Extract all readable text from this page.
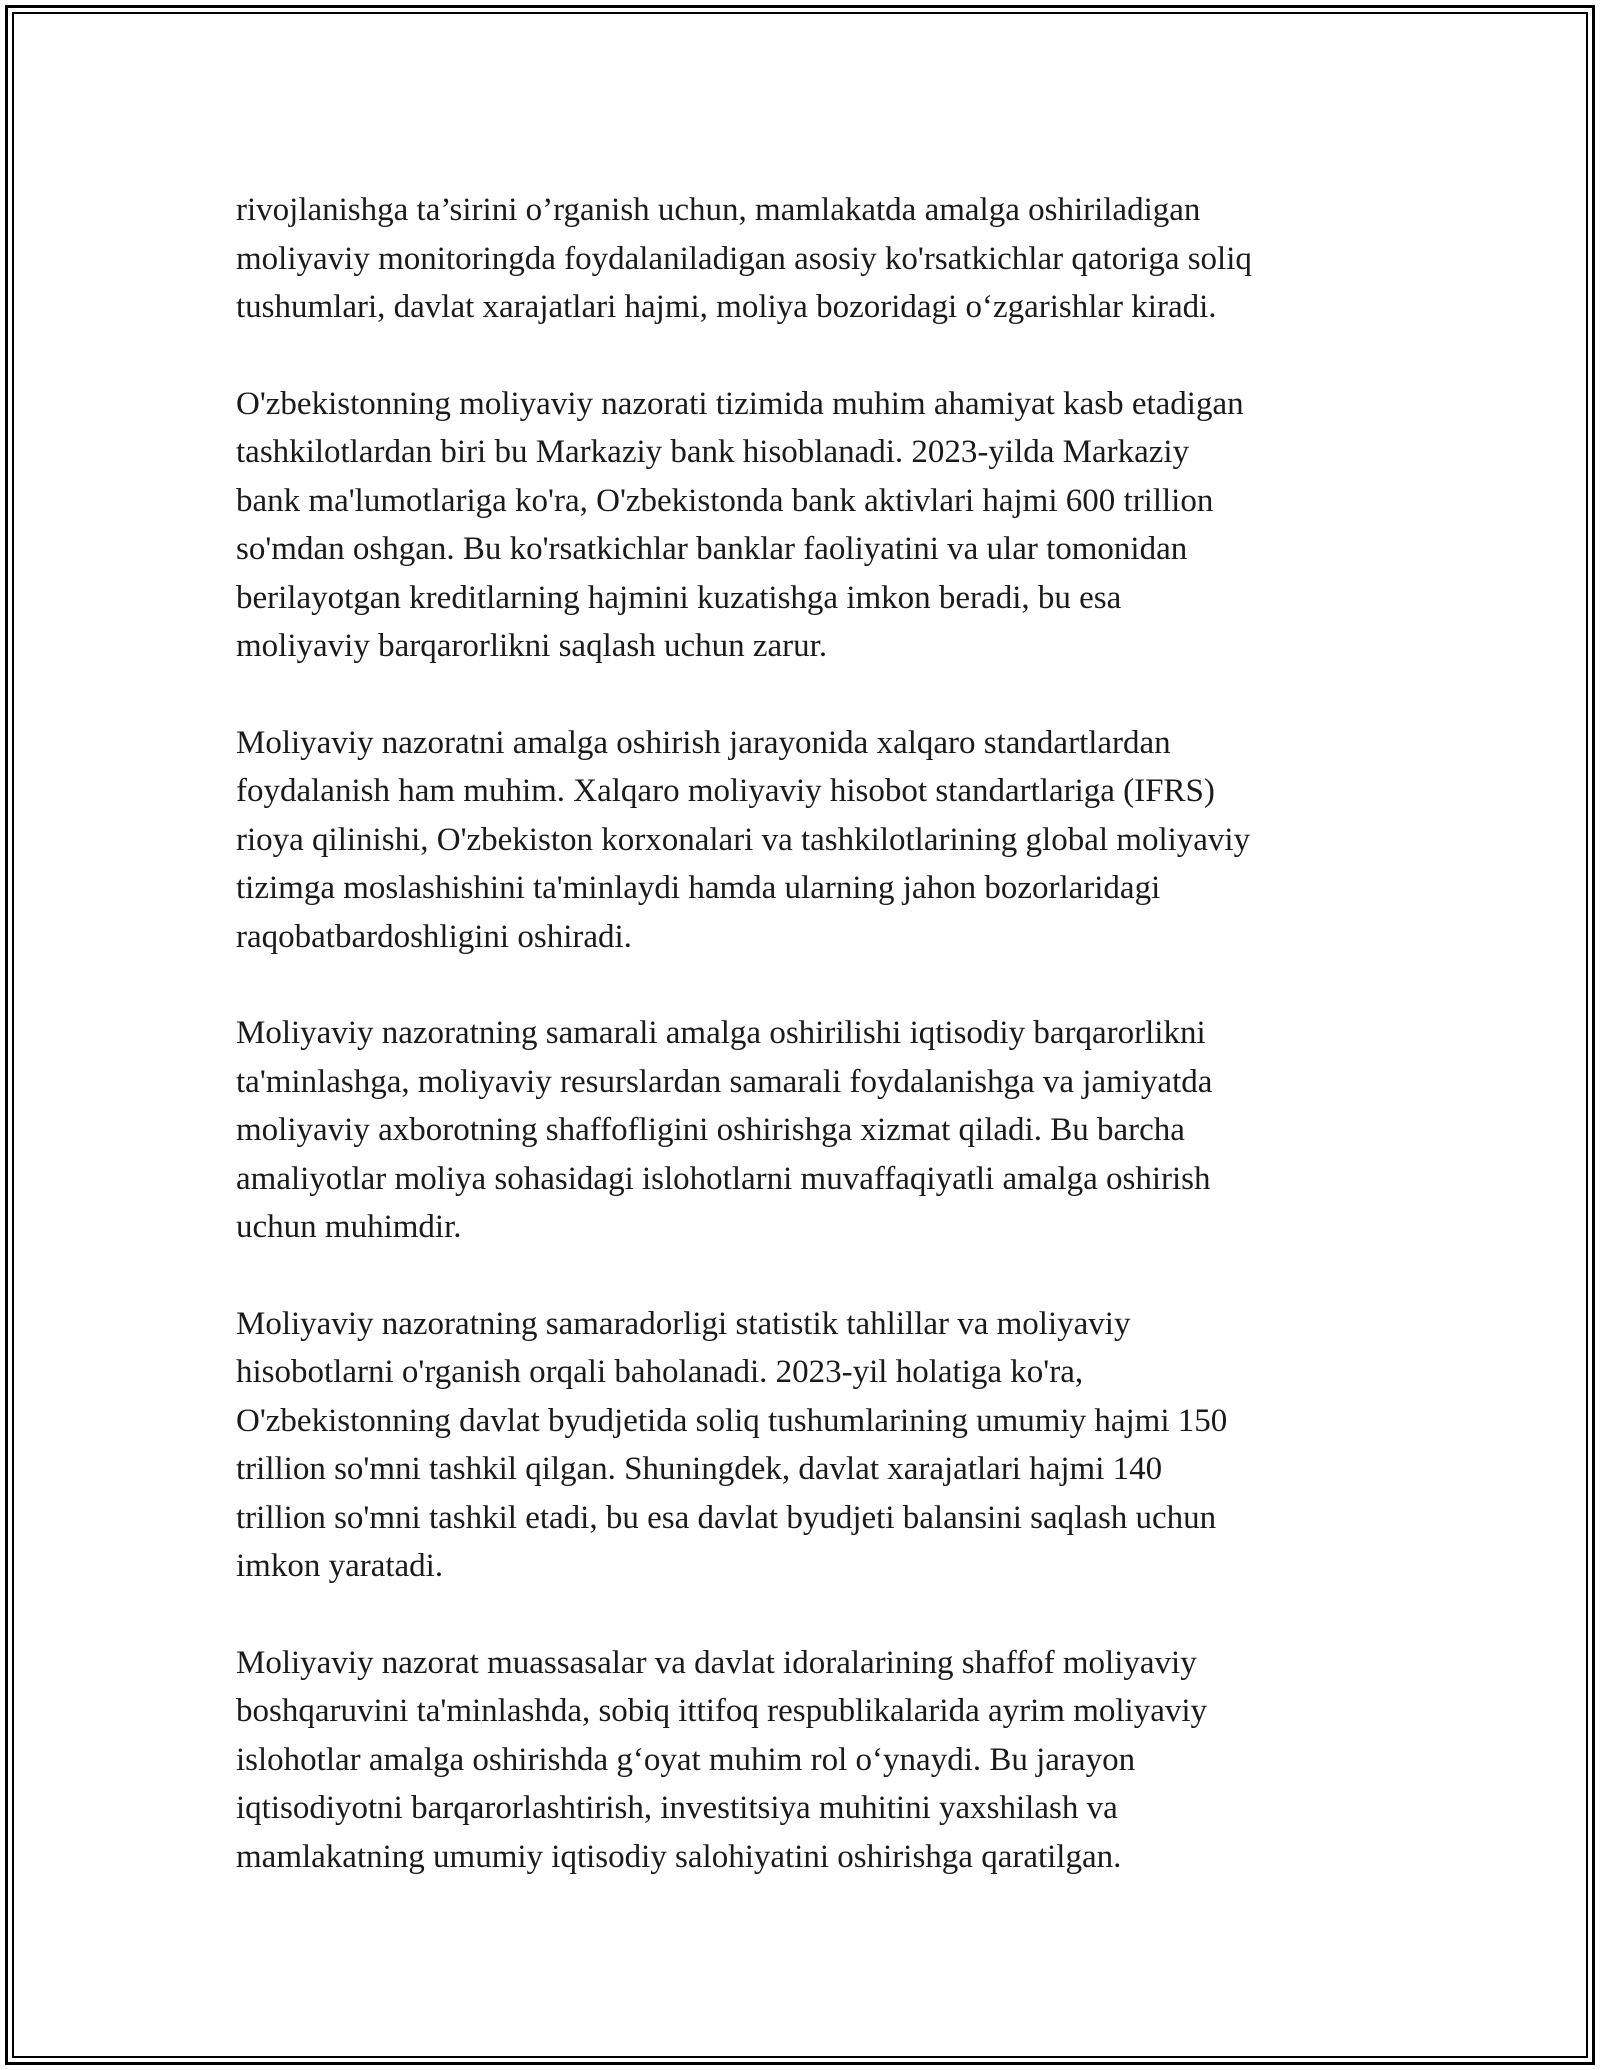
rivojlanishga ta’sirini o’rganish uchun, mamlakatda amalga oshiriladigan
moliyaviy monitoringda foydalaniladigan asosiy ko'rsatkichlar qatoriga soliq
tushumlari, davlat xarajatlari hajmi, moliya bozoridagi o‘zgarishlar kiradi.

O'zbekistonning moliyaviy nazorati tizimida muhim ahamiyat kasb etadigan
tashkilotlardan biri bu Markaziy bank hisoblanadi. 2023-yilda Markaziy
bank ma'lumotlariga ko'ra, O'zbekistonda bank aktivlari hajmi 600 trillion
so'mdan oshgan. Bu ko'rsatkichlar banklar faoliyatini va ular tomonidan
berilayotgan kreditlarning hajmini kuzatishga imkon beradi, bu esa
moliyaviy barqarorlikni saqlash uchun zarur.

Moliyaviy nazoratni amalga oshirish jarayonida xalqaro standartlardan
foydalanish ham muhim. Xalqaro moliyaviy hisobot standartlariga (IFRS)
rioya qilinishi, O'zbekiston korxonalari va tashkilotlarining global moliyaviy
tizimga moslashishini ta'minlaydi hamda ularning jahon bozorlaridagi
raqobatbardoshligini oshiradi.

Moliyaviy nazoratning samarali amalga oshirilishi iqtisodiy barqarorlikni
ta'minlashga, moliyaviy resurslardan samarali foydalanishga va jamiyatda
moliyaviy axborotning shaffofligini oshirishga xizmat qiladi. Bu barcha
amaliyotlar moliya sohasidagi islohotlarni muvaffaqiyatli amalga oshirish
uchun muhimdir.

Moliyaviy nazoratning samaradorligi statistik tahlillar va moliyaviy
hisobotlarni o'rganish orqali baholanadi. 2023-yil holatiga ko'ra,
O'zbekistonning davlat byudjetida soliq tushumlarining umumiy hajmi 150
trillion so'mni tashkil qilgan. Shuningdek, davlat xarajatlari hajmi 140
trillion so'mni tashkil etadi, bu esa davlat byudjeti balansini saqlash uchun
imkon yaratadi.

Moliyaviy nazorat muassasalar va davlat idoralarining shaffof moliyaviy
boshqaruvini ta'minlashda, sobiq ittifoq respublikalarida ayrim moliyaviy
islohotlar amalga oshirishda g‘oyat muhim rol o‘ynaydi. Bu jarayon
iqtisodiyotni barqarorlashtirish, investitsiya muhitini yaxshilash va
mamlakatning umumiy iqtisodiy salohiyatini oshirishga qaratilgan.
